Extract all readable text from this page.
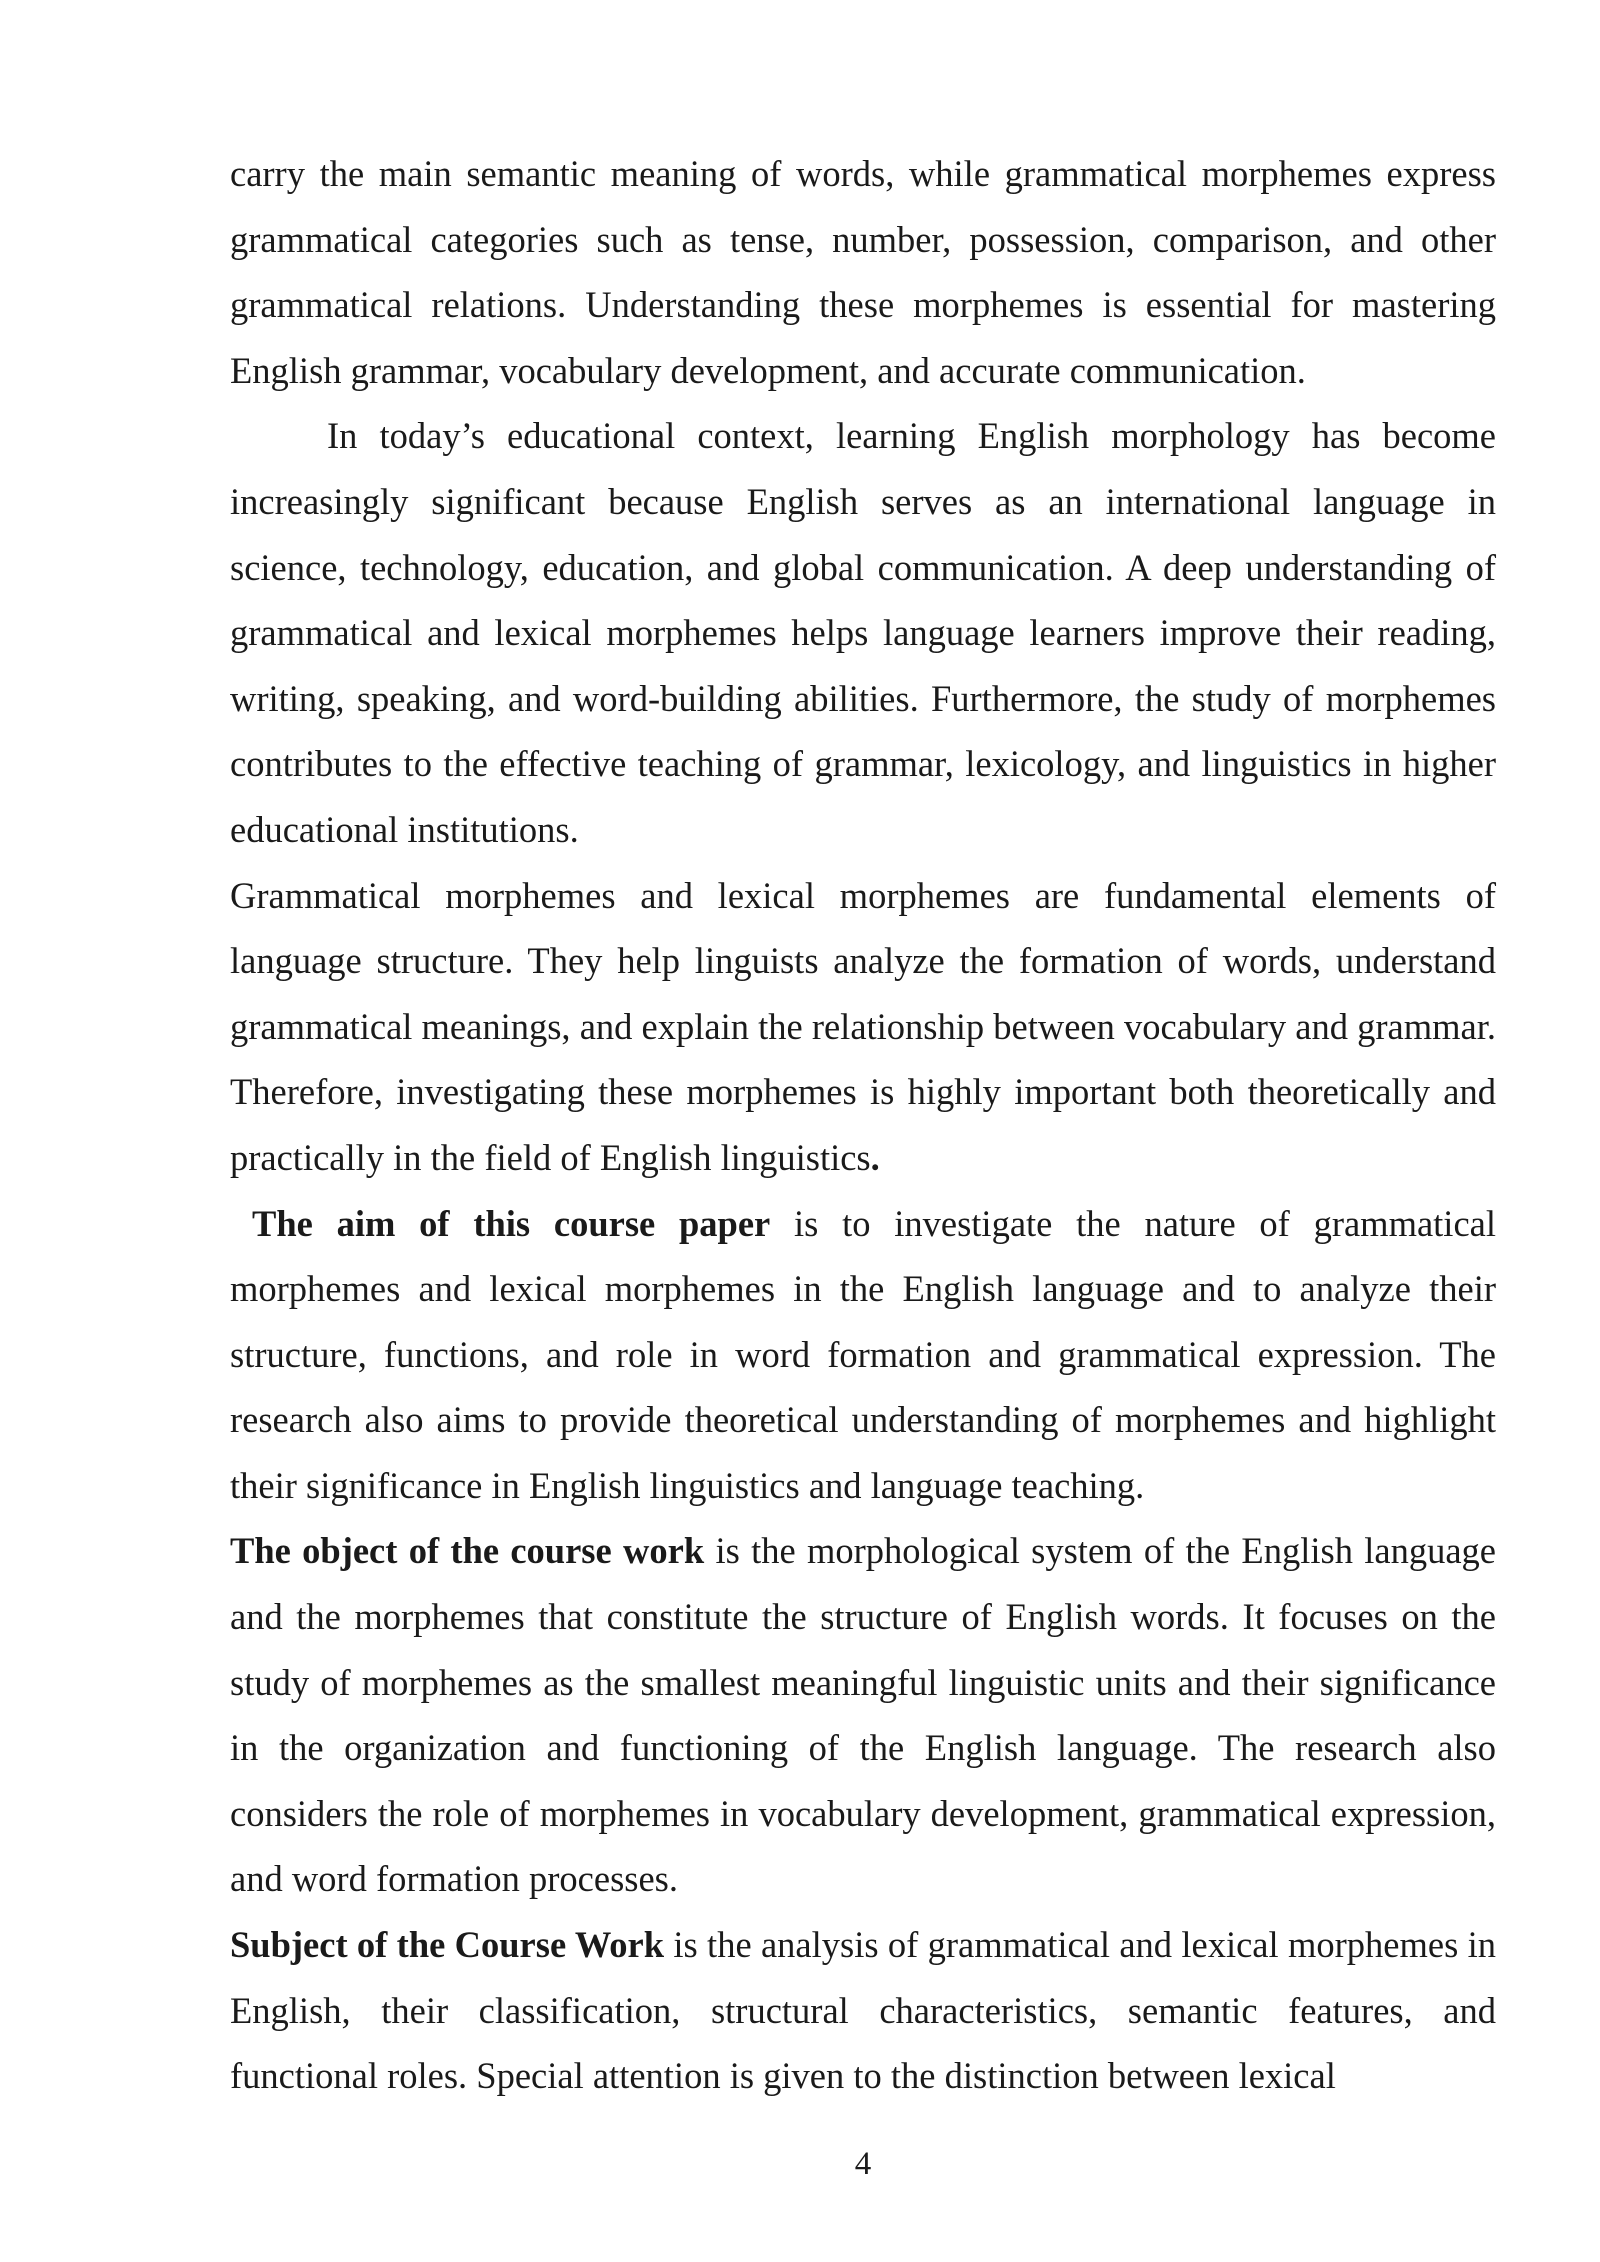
carry the main semantic meaning of words, while grammatical morphemes express grammatical categories such as tense, number, possession, comparison, and other grammatical relations. Understanding these morphemes is essential for mastering English grammar, vocabulary development, and accurate communication.

In today’s educational context, learning English morphology has become increasingly significant because English serves as an international language in science, technology, education, and global communication. A deep understanding of grammatical and lexical morphemes helps language learners improve their reading, writing, speaking, and word-building abilities. Furthermore, the study of morphemes contributes to the effective teaching of grammar, lexicology, and linguistics in higher educational institutions.

Grammatical morphemes and lexical morphemes are fundamental elements of language structure. They help linguists analyze the formation of words, understand grammatical meanings, and explain the relationship between vocabulary and grammar. Therefore, investigating these morphemes is highly important both theoretically and practically in the field of English linguistics.

The aim of this course paper is to investigate the nature of grammatical morphemes and lexical morphemes in the English language and to analyze their structure, functions, and role in word formation and grammatical expression. The research also aims to provide theoretical understanding of morphemes and highlight their significance in English linguistics and language teaching.

The object of the course work is the morphological system of the English language and the morphemes that constitute the structure of English words. It focuses on the study of morphemes as the smallest meaningful linguistic units and their significance in the organization and functioning of the English language. The research also considers the role of morphemes in vocabulary development, grammatical expression, and word formation processes.

Subject of the Course Work is the analysis of grammatical and lexical morphemes in English, their classification, structural characteristics, semantic features, and functional roles. Special attention is given to the distinction between lexical

4
